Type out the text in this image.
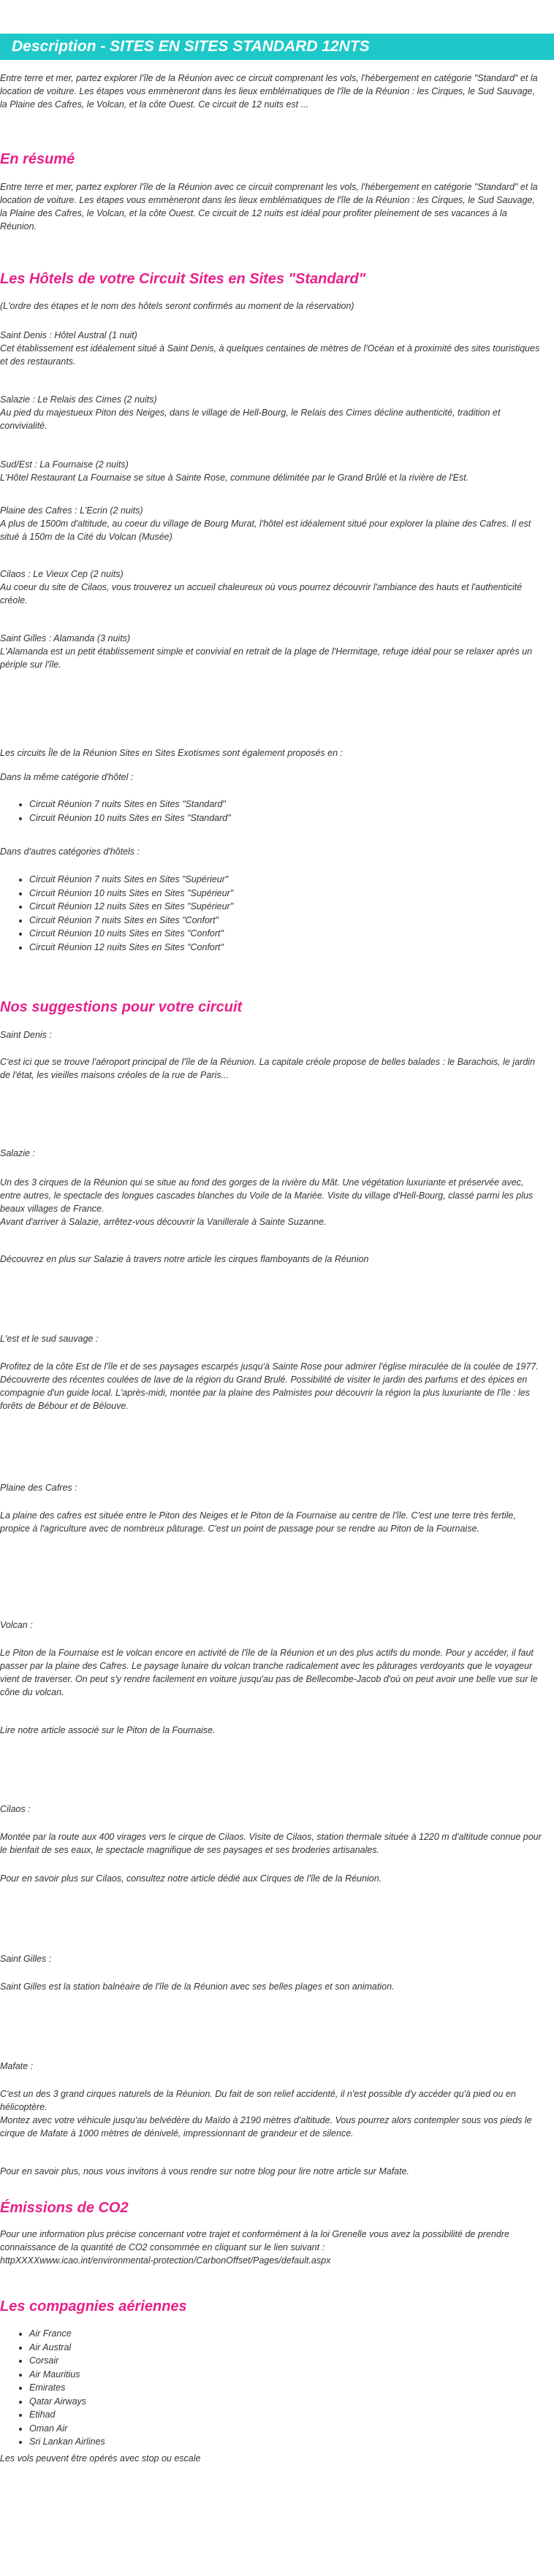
Description - SITES EN SITES STANDARD 12NTS

Entre terre et mer, partez explorer l'île de la Réunion avec ce circuit comprenant les vols, l'hébergement en catégorie "Standard" et la location de voiture. Les étapes vous emmèneront dans les lieux emblématiques de l'île de la Réunion : les Cirques, le Sud Sauvage, la Plaine des Cafres, le Volcan, et la côte Ouest. Ce circuit de 12 nuits est ...

En résumé

Entre terre et mer, partez explorer l'île de la Réunion avec ce circuit comprenant les vols, l'hébergement en catégorie "Standard" et la location de voiture. Les étapes vous emmèneront dans les lieux emblématiques de l'île de la Réunion : les Cirques, le Sud Sauvage, la Plaine des Cafres, le Volcan, et la côte Ouest. Ce circuit de 12 nuits est idéal pour profiter pleinement de ses vacances à la Réunion.

Les Hôtels de votre Circuit Sites en Sites "Standard"

(L'ordre des étapes et le nom des hôtels seront confirmés au moment de la réservation)

Saint Denis : Hôtel Austral (1 nuit)
Cet établissement est idéalement situé à Saint Denis, à quelques centaines de mètres de l'Océan et à proximité des sites touristiques et des restaurants.
Salazie : Le Relais des Cimes (2 nuits)
Au pied du majestueux Piton des Neiges, dans le village de Hell-Bourg, le Relais des Cimes décline authenticité, tradition et convivialité.
Sud/Est : La Fournaise (2 nuits)
L'Hôtel Restaurant La Fournaise se situe à Sainte Rose, commune délimitée par le Grand Brûlé et la rivière de l'Est.
Plaine des Cafres : L'Ecrin (2 nuits)
A plus de 1500m d'altitude, au coeur du village de Bourg Murat, l'hôtel est idéalement situé pour explorer la plaine des Cafres. Il est situé à 150m de la Cité du Volcan (Musée)
Cilaos : Le Vieux Cep (2 nuits)
Au coeur du site de Cilaos, vous trouverez un accueil chaleureux où vous pourrez découvrir l'ambiance des hauts et l'authenticité créole.
Saint Gilles : Alamanda (3 nuits)
L'Alamanda est un petit établissement simple et convivial en retrait de la plage de l'Hermitage, refuge idéal pour se relaxer après un périple sur l'île.

Les circuits Île de la Réunion Sites en Sites Exotismes sont également proposés en :

Dans la même catégorie d'hôtel :

• Circuit Réunion 7 nuits Sites en Sites "Standard"
• Circuit Réunion 10 nuits Sites en Sites "Standard"

Dans d'autres catégories d'hôtels :

• Circuit Réunion 7 nuits Sites en Sites "Supérieur"
• Circuit Réunion 10 nuits Sites en Sites "Supérieur"
• Circuit Réunion 12 nuits Sites en Sites "Supérieur"
• Circuit Réunion 7 nuits Sites en Sites "Confort"
• Circuit Réunion 10 nuits Sites en Sites "Confort"
• Circuit Réunion 12 nuits Sites en Sites "Confort"
Nos suggestions pour votre circuit

Saint Denis :

C'est ici que se trouve l'aéroport principal de l'île de la Réunion. La capitale créole propose de belles balades : le Barachois, le jardin de l'état, les vieilles maisons créoles de la rue de Paris...

Salazie :

Un des 3 cirques de la Réunion qui se situe au fond des gorges de la rivière du Mât. Une végétation luxuriante et préservée avec, entre autres, le spectacle des longues cascades blanches du Voile de la Mariée. Visite du village d'Hell-Bourg, classé parmi les plus beaux villages de France.
Avant d'arriver à Salazie, arrêtez-vous découvrir la Vanillerale à Sainte Suzanne.

Découvrez en plus sur Salazie à travers notre article les cirques flamboyants de la Réunion

L'est et le sud sauvage :

Profitez de la côte Est de l'île et de ses paysages escarpés jusqu'à Sainte Rose pour admirer l'église miraculée de la coulée de 1977. Découvrerte des récentes coulées de lave de la région du Grand Brulé. Possibilité de visiter le jardin des parfums et des épices en compagnie d'un guide local. L'après-midi, montée par la plaine des Palmistes pour découvrir la région la plus luxuriante de l'île : les forêts de Bébour et de Bélouve.

Plaine des Cafres :

La plaine des cafres est située entre le Piton des Neiges et le Piton de la Fournaise au centre de l'île. C'est une terre très fertile, propice à l'agriculture avec de nombreux pâturage. C'est un point de passage pour se rendre au Piton de la Fournaise.

Volcan :

Le Piton de la Fournaise est le volcan encore en activité de l'île de la Réunion et un des plus actifs du monde. Pour y accéder, il faut passer par la plaine des Cafres. Le paysage lunaire du volcan tranche radicalement avec les pâturages verdoyants que le voyageur vient de traverser. On peut s'y rendre facilement en voiture jusqu'au pas de Bellecombe-Jacob d'où on peut avoir une belle vue sur le cône du volcan.

Lire notre article associé sur le Piton de la Fournaise.

Cilaos :

Montée par la route aux 400 virages vers le cirque de Cilaos. Visite de Cilaos, station thermale située à 1220 m d'altitude connue pour le bienfait de ses eaux, le spectacle magnifique de ses paysages et ses broderies artisanales.

Pour en savoir plus sur Cilaos, consultez notre article dédié aux Cirques de l'île de la Réunion.

Saint Gilles :

Saint Gilles est la station balnéaire de l'île de la Réunion avec ses belles plages et son animation.

Mafate :

C'est un des 3 grand cirques naturels de la Réunion. Du fait de son relief accidenté, il n'est possible d'y accéder qu'à pied ou en hélicoptère.
Montez avec votre véhicule jusqu'au belvédère du Maïdo à 2190 mètres d'altitude. Vous pourrez alors contempler sous vos pieds le cirque de Mafate à 1000 mètres de dénivelé, impressionnant de grandeur et de silence.

Pour en savoir plus, nous vous invitons à vous rendre sur notre blog pour lire notre article sur Mafate.

Émissions de CO2

Pour une information plus précise concernant votre trajet et conformément à la loi Grenelle vous avez la possibilité de prendre connaissance de la quantité de CO2 consommée en cliquant sur le lien suivant :
httpXXXXwww.icao.int/environmental-protection/CarbonOffset/Pages/default.aspx

Les compagnies aériennes
• Air France
• Air Austral
• Corsair
• Air Mauritius
• Emirates
• Qatar Airways
• Etihad
• Oman Air
• Sri Lankan Airlines

Les vols peuvent être opérés avec stop ou escale
